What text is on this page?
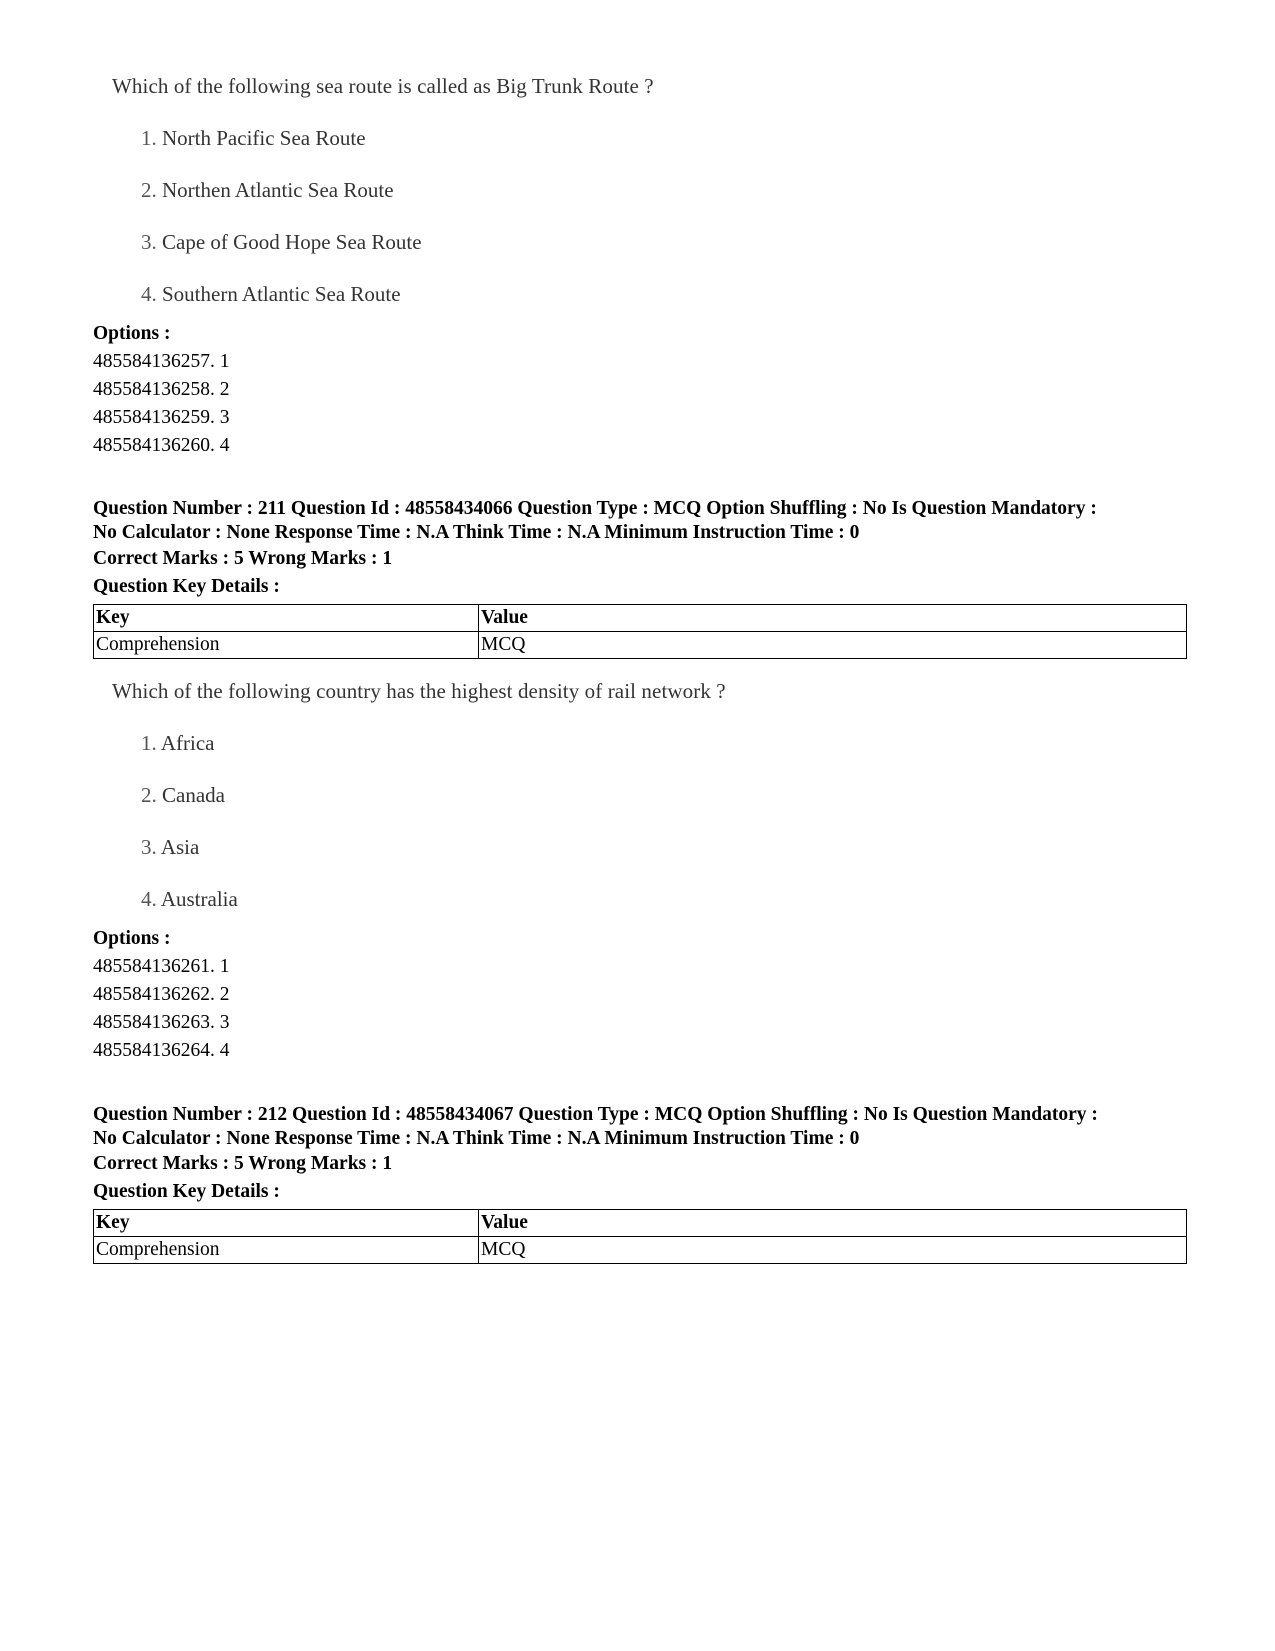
Which of the following sea route is called as Big Trunk Route ?
1. North Pacific Sea Route
2. Northen Atlantic Sea Route
3. Cape of Good Hope Sea Route
4. Southern Atlantic Sea Route
Options :
485584136257. 1
485584136258. 2
485584136259. 3
485584136260. 4
Question Number : 211 Question Id : 48558434066 Question Type : MCQ Option Shuffling : No Is Question Mandatory :
No Calculator : None Response Time : N.A Think Time : N.A Minimum Instruction Time : 0
Correct Marks : 5 Wrong Marks : 1
Question Key Details :
Key	Value
Comprehension	MCQ
Which of the following country has the highest density of rail network ?
1. Africa
2. Canada
3. Asia
4. Australia
Options :
485584136261. 1
485584136262. 2
485584136263. 3
485584136264. 4
Question Number : 212 Question Id : 48558434067 Question Type : MCQ Option Shuffling : No Is Question Mandatory :
No Calculator : None Response Time : N.A Think Time : N.A Minimum Instruction Time : 0
Correct Marks : 5 Wrong Marks : 1
Question Key Details :
Key	Value
Comprehension	MCQ
